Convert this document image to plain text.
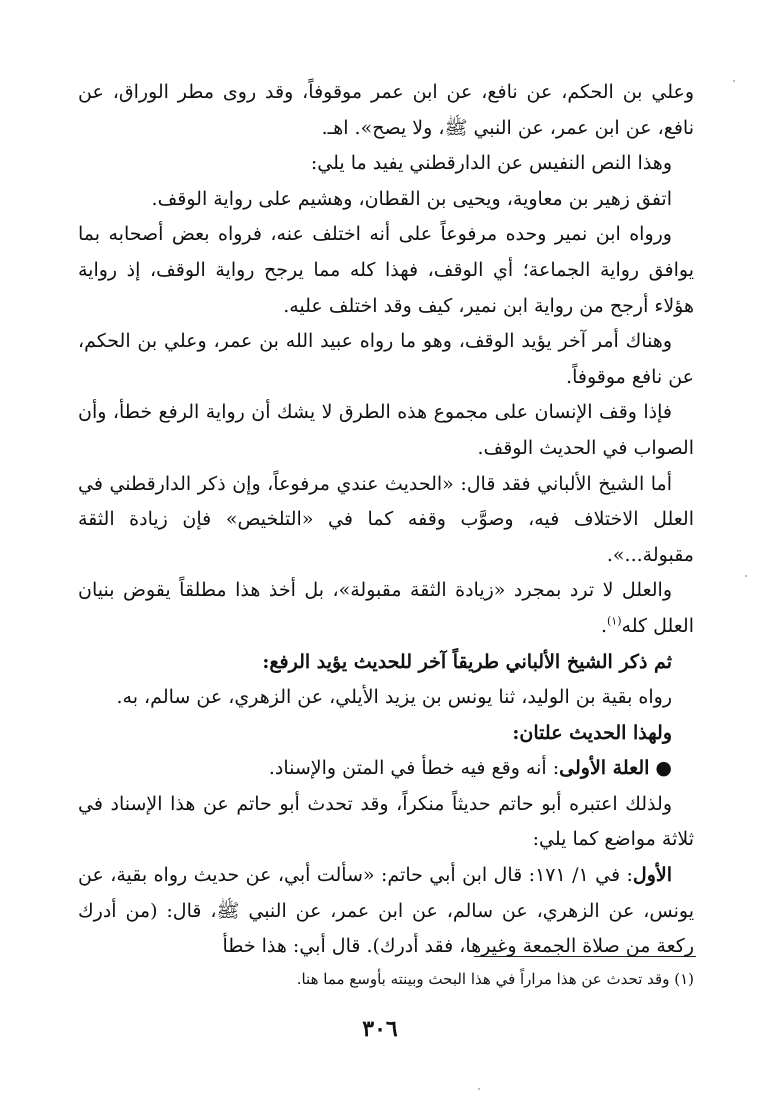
وعلي بن الحكم، عن نافع، عن ابن عمر موقوفاً، وقد روى مطر الوراق، عن نافع، عن ابن عمر، عن النبي ﷺ، ولا يصح». اهـ.

وهذا النص النفيس عن الدارقطني يفيد ما يلي:

اتفق زهير بن معاوية، ويحيى بن القطان، وهشيم على رواية الوقف.

ورواه ابن نمير وحده مرفوعاً على أنه اختلف عنه، فرواه بعض أصحابه بما يوافق رواية الجماعة؛ أي الوقف، فهذا كله مما يرجح رواية الوقف، إذ رواية هؤلاء أرجح من رواية ابن نمير، كيف وقد اختلف عليه.

وهناك أمر آخر يؤيد الوقف، وهو ما رواه عبيد الله بن عمر، وعلي بن الحكم، عن نافع موقوفاً.

فإذا وقف الإنسان على مجموع هذه الطرق لا يشك أن رواية الرفع خطأ، وأن الصواب في الحديث الوقف.

أما الشيخ الألباني فقد قال: «الحديث عندي مرفوعاً، وإن ذكر الدارقطني في العلل الاختلاف فيه، وصوَّب وقفه كما في «التلخيص» فإن زيادة الثقة مقبولة...».

والعلل لا ترد بمجرد «زيادة الثقة مقبولة»، بل أخذ هذا مطلقاً يقوض بنيان العلل كله$^{(١)}$.

ثم ذكر الشيخ الألباني طريقاً آخر للحديث يؤيد الرفع:

رواه بقية بن الوليد، ثنا يونس بن يزيد الأيلي، عن الزهري، عن سالم، به.

ولهذا الحديث علتان:

●العلة الأولى: أنه وقع فيه خطأ في المتن والإسناد.

ولذلك اعتبره أبو حاتم حديثاً منكراً، وقد تحدث أبو حاتم عن هذا الإسناد في ثلاثة مواضع كما يلي:

الأول: في ١/ ١٧١: قال ابن أبي حاتم: «سألت أبي، عن حديث رواه بقية، عن يونس، عن الزهري، عن سالم، عن ابن عمر، عن النبي ﷺ، قال: (من أدرك ركعة من صلاة الجمعة وغيرها، فقد أدرك). قال أبي: هذا خطأ

(١) وقد تحدث عن هذا مراراً في هذا البحث وبينته بأوسع مما هنا.
٣٠٦
